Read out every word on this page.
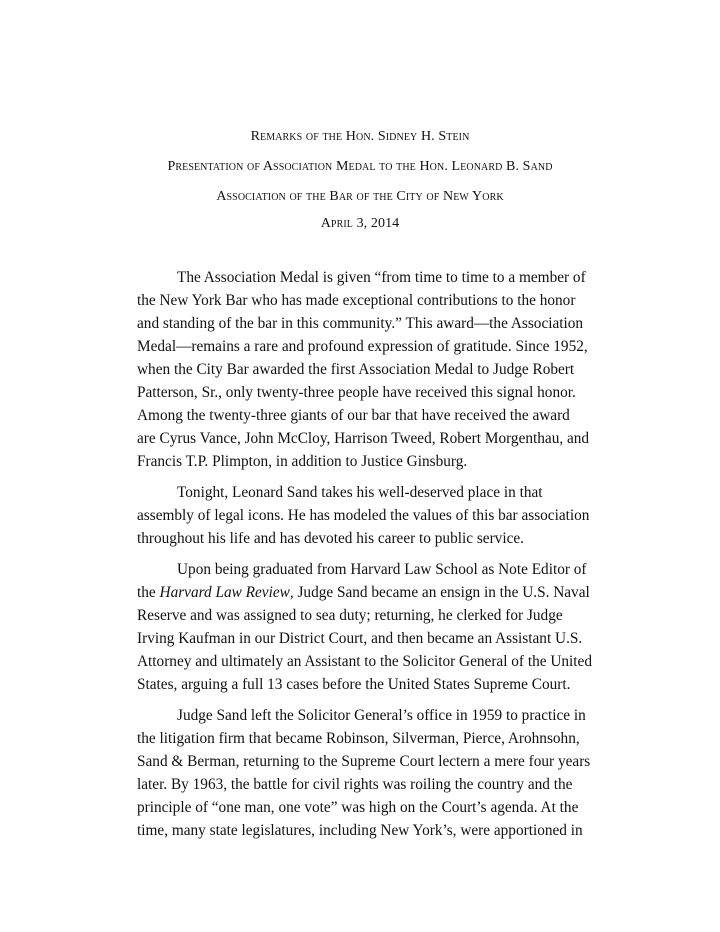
Remarks of the Hon. Sidney H. Stein
Presentation of Association Medal to the Hon. Leonard B. Sand
Association of the Bar of the City of New York
April 3, 2014
The Association Medal is given “from time to time to a member of
the New York Bar who has made exceptional contributions to the honor
and standing of the bar in this community.” This award—the Association
Medal—remains a rare and profound expression of gratitude. Since 1952,
when the City Bar awarded the first Association Medal to Judge Robert
Patterson, Sr., only twenty-three people have received this signal honor.
Among the twenty-three giants of our bar that have received the award
are Cyrus Vance, John McCloy, Harrison Tweed, Robert Morgenthau, and
Francis T.P. Plimpton, in addition to Justice Ginsburg.
Tonight, Leonard Sand takes his well-deserved place in that
assembly of legal icons. He has modeled the values of this bar association
throughout his life and has devoted his career to public service.
Upon being graduated from Harvard Law School as Note Editor of
the Harvard Law Review, Judge Sand became an ensign in the U.S. Naval
Reserve and was assigned to sea duty; returning, he clerked for Judge
Irving Kaufman in our District Court, and then became an Assistant U.S.
Attorney and ultimately an Assistant to the Solicitor General of the United
States, arguing a full 13 cases before the United States Supreme Court.
Judge Sand left the Solicitor General’s office in 1959 to practice in
the litigation firm that became Robinson, Silverman, Pierce, Arohnsohn,
Sand & Berman, returning to the Supreme Court lectern a mere four years
later. By 1963, the battle for civil rights was roiling the country and the
principle of “one man, one vote” was high on the Court’s agenda. At the
time, many state legislatures, including New York’s, were apportioned in
